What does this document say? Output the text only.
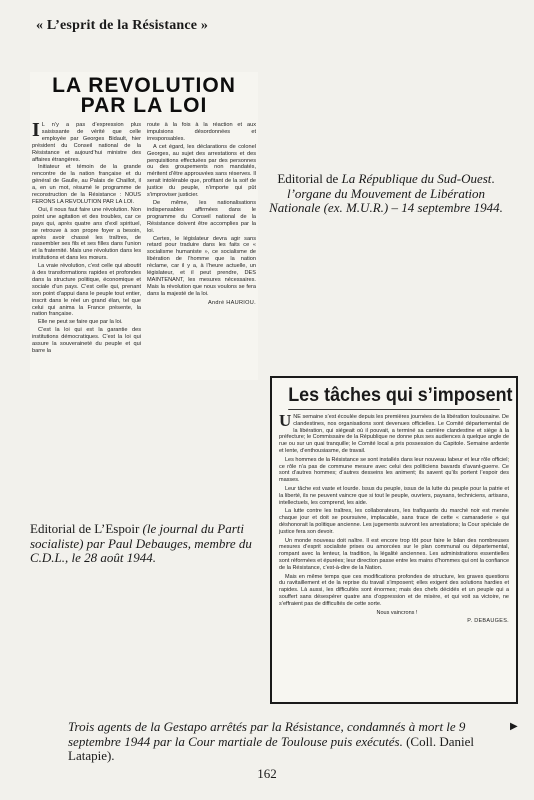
« L’esprit de la Résistance »
LA REVOLUTION
PAR LA LOI

I L n’y a pas d’expression plus saisissante de vérité que celle employée par Georges Bidault, hier président du Conseil national de la Résistance et aujourd’hui ministre des affaires étrangères.

Initiateur et témoin de la grande rencontre de la nation française et du général de Gaulle, au Palais de Chaillot, il a, en un mot, résumé le programme de reconstruction de la Résistance : NOUS FERONS LA REVOLUTION PAR LA LOI.

Oui, il nous faut faire une révolution. Non point une agitation et des troubles, car ce pays qui, après quatre ans d’exil spirituel, se retrouve à son propre foyer a besoin, après avoir chassé les traîtres, de rassembler ses fils et ses filles dans l’union et la fraternité. Mais une révolution dans les institutions et dans les mœurs.

La vraie révolution, c’est celle qui aboutit à des transformations rapides et profondes dans la structure politique, économique et sociale d’un pays. C’est celle qui, prenant son point d’appui dans le peuple tout entier, inscrit dans le réel un grand élan, tel que celui qui anima la France présente, la nation française.

Elle ne peut se faire que par la loi.

C’est la loi qui est la garantie des institutions démocratiques. C’est la loi qui assure la souveraineté du peuple et qui barre la

route à la fois à la réaction et aux impulsions désordonnées et irresponsables.

A cet égard, les déclarations de colonel Georges, au sujet des arrestations et des perquisitions effectuées par des personnes ou des groupements non mandatés, méritent d’être approuvées sans réserves. Il serait intolérable que, profitant de la soif de justice du peuple, n’importe qui pût s’improviser justicier.

De même, les nationalisations indispensables affirmées dans le programme du Conseil national de la Résistance doivent être accomplies par la loi.

Certes, le législateur devra agir sans retard pour traduire dans les faits ce « socialisme humaniste », ce socialisme de libération de l’homme que la nation réclame, car il y a, à l’heure actuelle, un législateur, et il peut prendre, DES MAINTENANT, les mesures nécessaires. Mais la révolution que nous voulons se fera dans la majesté de la loi.

André HAURIOU.
Editorial de La République du Sud-Ouest. l’organe du Mouvement de Libération Nationale (ex. M.U.R.) – 14 septembre 1944.
Les tâches qui s’imposent

UNE semaine s’est écoulée depuis les premières journées de la libération toulousaine. De clandestines, nos organisations sont devenues officielles. Le Comité départemental de la libération, qui siégeait où il pouvait, a terminé sa carrière clandestine et siège à la préfecture; le Commissaire de la République ne donne plus ses audiences à quelque angle de rue ou sur un quai tranquille; le Comité local a pris possession du Capitole. Semaine ardente et lente, d’enthousiasme, de travail.

Les hommes de la Résistance se sont installés dans leur nouveau labeur et leur rôle officiel; ce rôle n’a pas de commune mesure avec celui des politiciens bavards d’avant-guerre. Ce sont d’autres hommes; d’autres desseins les animent; ils savent qu’ils portent l’espoir des masses.

Leur tâche est vaste et lourde. Issus du peuple, issus de la lutte du peuple pour la patrie et la liberté, ils ne peuvent vaincre que si tout le peuple, ouvriers, paysans, techniciens, artisans, intellectuels, les comprend, les aide.

La lutte contre les traîtres, les collaborateurs, les trafiquants du marché noir est menée chaque jour et doit se poursuivre, implacable, sans trace de cette « camaraderie » qui déshonorait la politique ancienne. Les jugements suivront les arrestations; la Cour spéciale de justice fera son devoir.

Un monde nouveau doit naître. Il est encore trop tôt pour faire le bilan des nombreuses mesures d’esprit socialiste prises ou amorcées sur le plan communal ou départemental, rompant avec la lenteur, la tradition, la légalité anciennes. Les administrations essentielles sont réformées et épurées; leur direction passe entre les mains d’hommes qui ont la confiance de la Résistance, c’est-à-dire de la Nation.

Mais en même temps que ces modifications profondes de structure, les graves questions du ravitaillement et de la reprise du travail s’imposent; elles exigent des solutions hardies et rapides. Là aussi, les difficultés sont énormes; mais des chefs décidés et un peuple qui a souffert sans désespérer quatre ans d’oppression et de misère, et qui voit sa victoire, ne s’effraient pas de difficultés de cette sorte.

Nous vaincrons !

P. DEBAUGES.
Editorial de L’Espoir (le journal du Parti socialiste) par Paul Debauges, membre du C.D.L., le 28 août 1944.
Trois agents de la Gestapo arrêtés par la Résistance, condamnés à mort le 9 septembre 1944 par la Cour martiale de Toulouse puis exécutés. (Coll. Daniel Latapie).
▶
162
